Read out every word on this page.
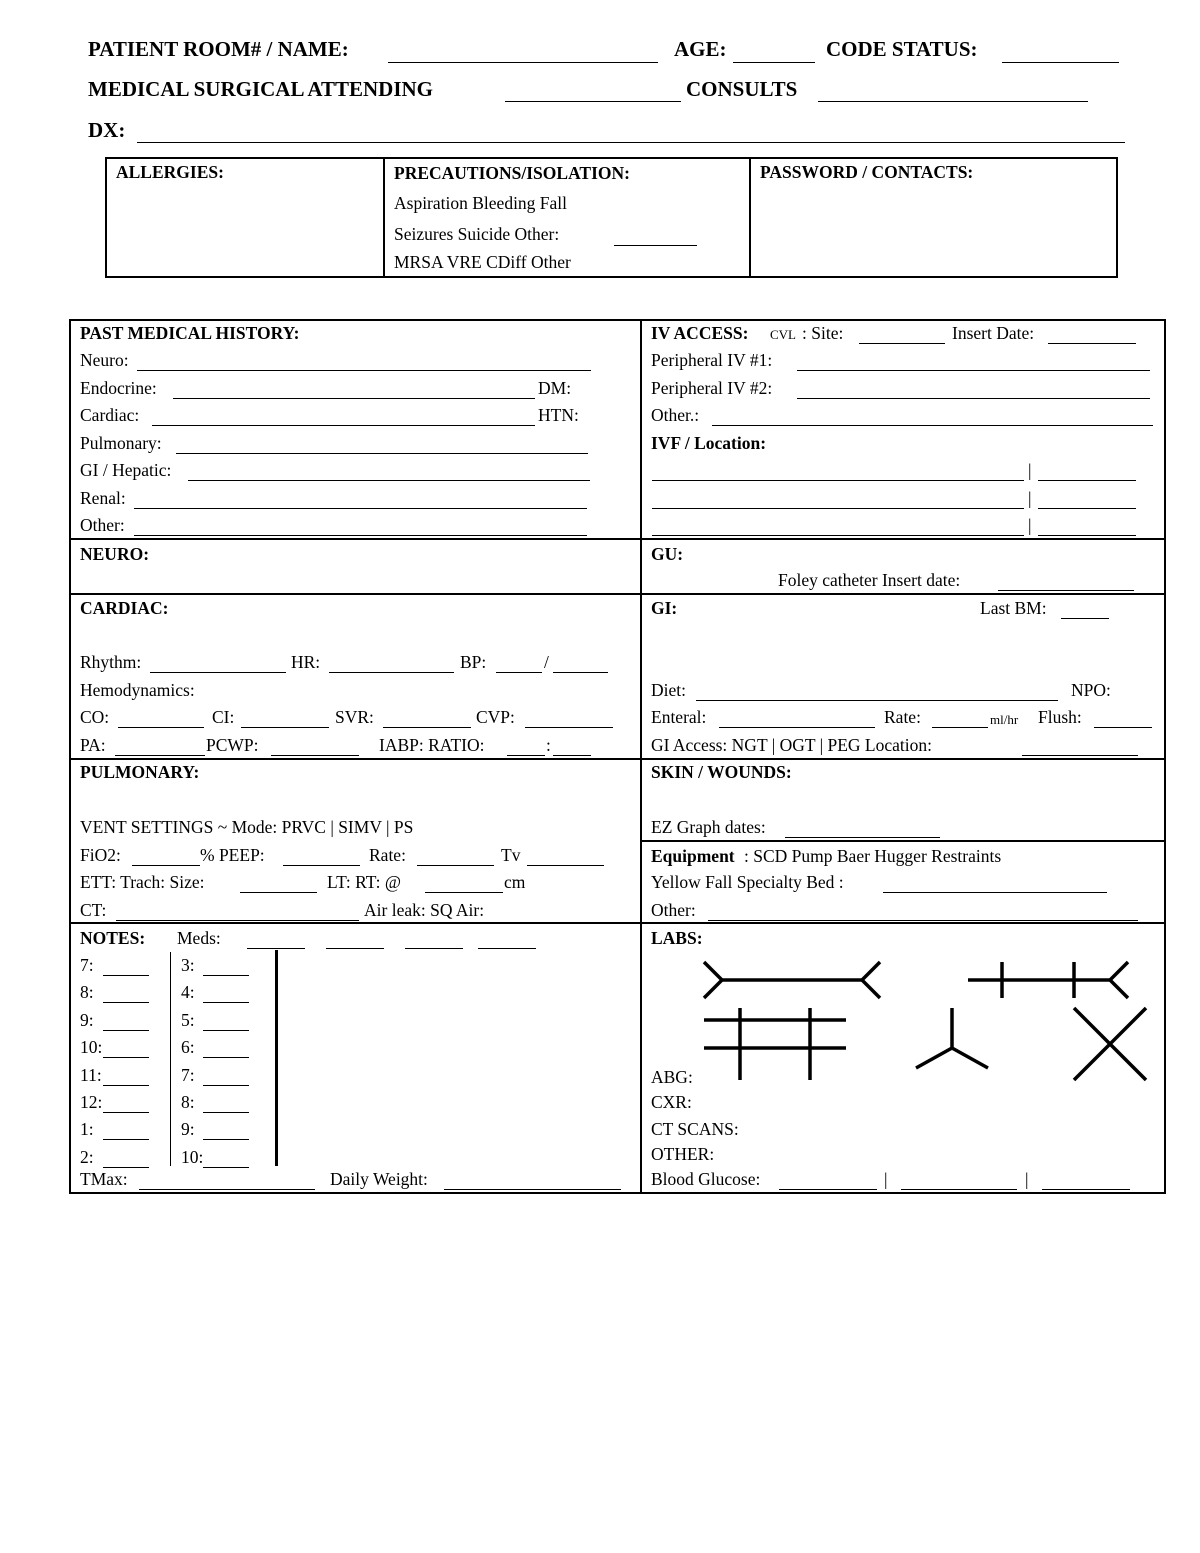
PATIENT ROOM# / NAME:	AGE:	CODE STATUS:
MEDICAL SURGICAL ATTENDING	CONSULTS
DX:
ALLERGIES:	PRECAUTIONS/ISOLATION:
Aspiration Bleeding Fall
Seizures Suicide Other:
MRSA VRE CDiff Other
PASSWORD / CONTACTS:
PAST MEDICAL HISTORY:
Neuro:
Endocrine:	DM:
Cardiac:	HTN:
Pulmonary:
GI / Hepatic:
Renal:
Other:
IV ACCESS: CVL : Site:	Insert Date:
Peripheral IV #1:
Peripheral IV #2:
Other.:
IVF / Location:
|
|
|
NEURO:	GU:
Foley catheter Insert date:
CARDIAC:
Rhythm:	HR:	BP:	/
Hemodynamics:
CO:	CI:	SVR:	CVP:
PA:	PCWP:	IABP: RATIO:	:
GI:	Last BM:
Diet:	NPO:
Enteral:	Rate:	ml/hr Flush:
GI Access: NGT | OGT | PEG Location:
PULMONARY:
VENT SETTINGS ~ Mode: PRVC | SIMV | PS
FiO2:	% PEEP:	Rate:	Tv
ETT: Trach: Size:	LT: RT: @	cm
CT:	Air leak: SQ Air:
SKIN / WOUNDS:
EZ Graph dates:
Equipment : SCD Pump Baer Hugger Restraints
Yellow Fall Specialty Bed :
Other:
NOTES: Meds:
7:	3:
8:	4:
9:	5:
10:	6:
11:	7:
12:	8:
1:	9:
2:	10:
TMax:	Daily Weight:
LABS:
ABG:
CXR:
CT SCANS:
OTHER:
Blood Glucose:	|	|
